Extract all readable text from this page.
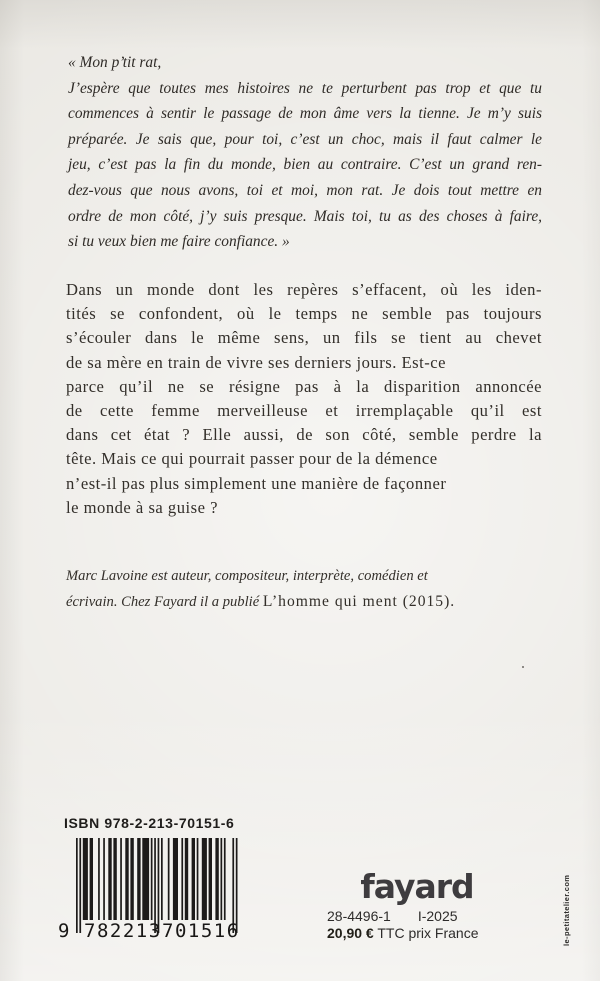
« Mon p’tit rat,
J’espère que toutes mes histoires ne te perturbent pas trop et que tu
commences à sentir le passage de mon âme vers la tienne. Je m’y suis
préparée. Je sais que, pour toi, c’est un choc, mais il faut calmer le
jeu, c’est pas la fin du monde, bien au contraire. C’est un grand ren-
dez-vous que nous avons, toi et moi, mon rat. Je dois tout mettre en
ordre de mon côté, j’y suis presque. Mais toi, tu as des choses à faire,
si tu veux bien me faire confiance. »
Dans un monde dont les repères s’effacent, où les iden-
tités se confondent, où le temps ne semble pas toujours
s’écouler dans le même sens, un fils se tient au chevet
de sa mère en train de vivre ses derniers jours. Est-ce
parce qu’il ne se résigne pas à la disparition annoncée
de cette femme merveilleuse et irremplaçable qu’il est
dans cet état ? Elle aussi, de son côté, semble perdre la
tête. Mais ce qui pourrait passer pour de la démence
n’est-il pas plus simplement une manière de façonner
le monde à sa guise ?
Marc Lavoine est auteur, compositeur, interprète, comédien et
écrivain. Chez Fayard il a publié L’homme qui ment (2015).
ISBN 978-2-213-70151-6
9 782213 701516
fayard
28-4496-1 I-2025
20,90 € TTC prix France	le-petitatelier.com
